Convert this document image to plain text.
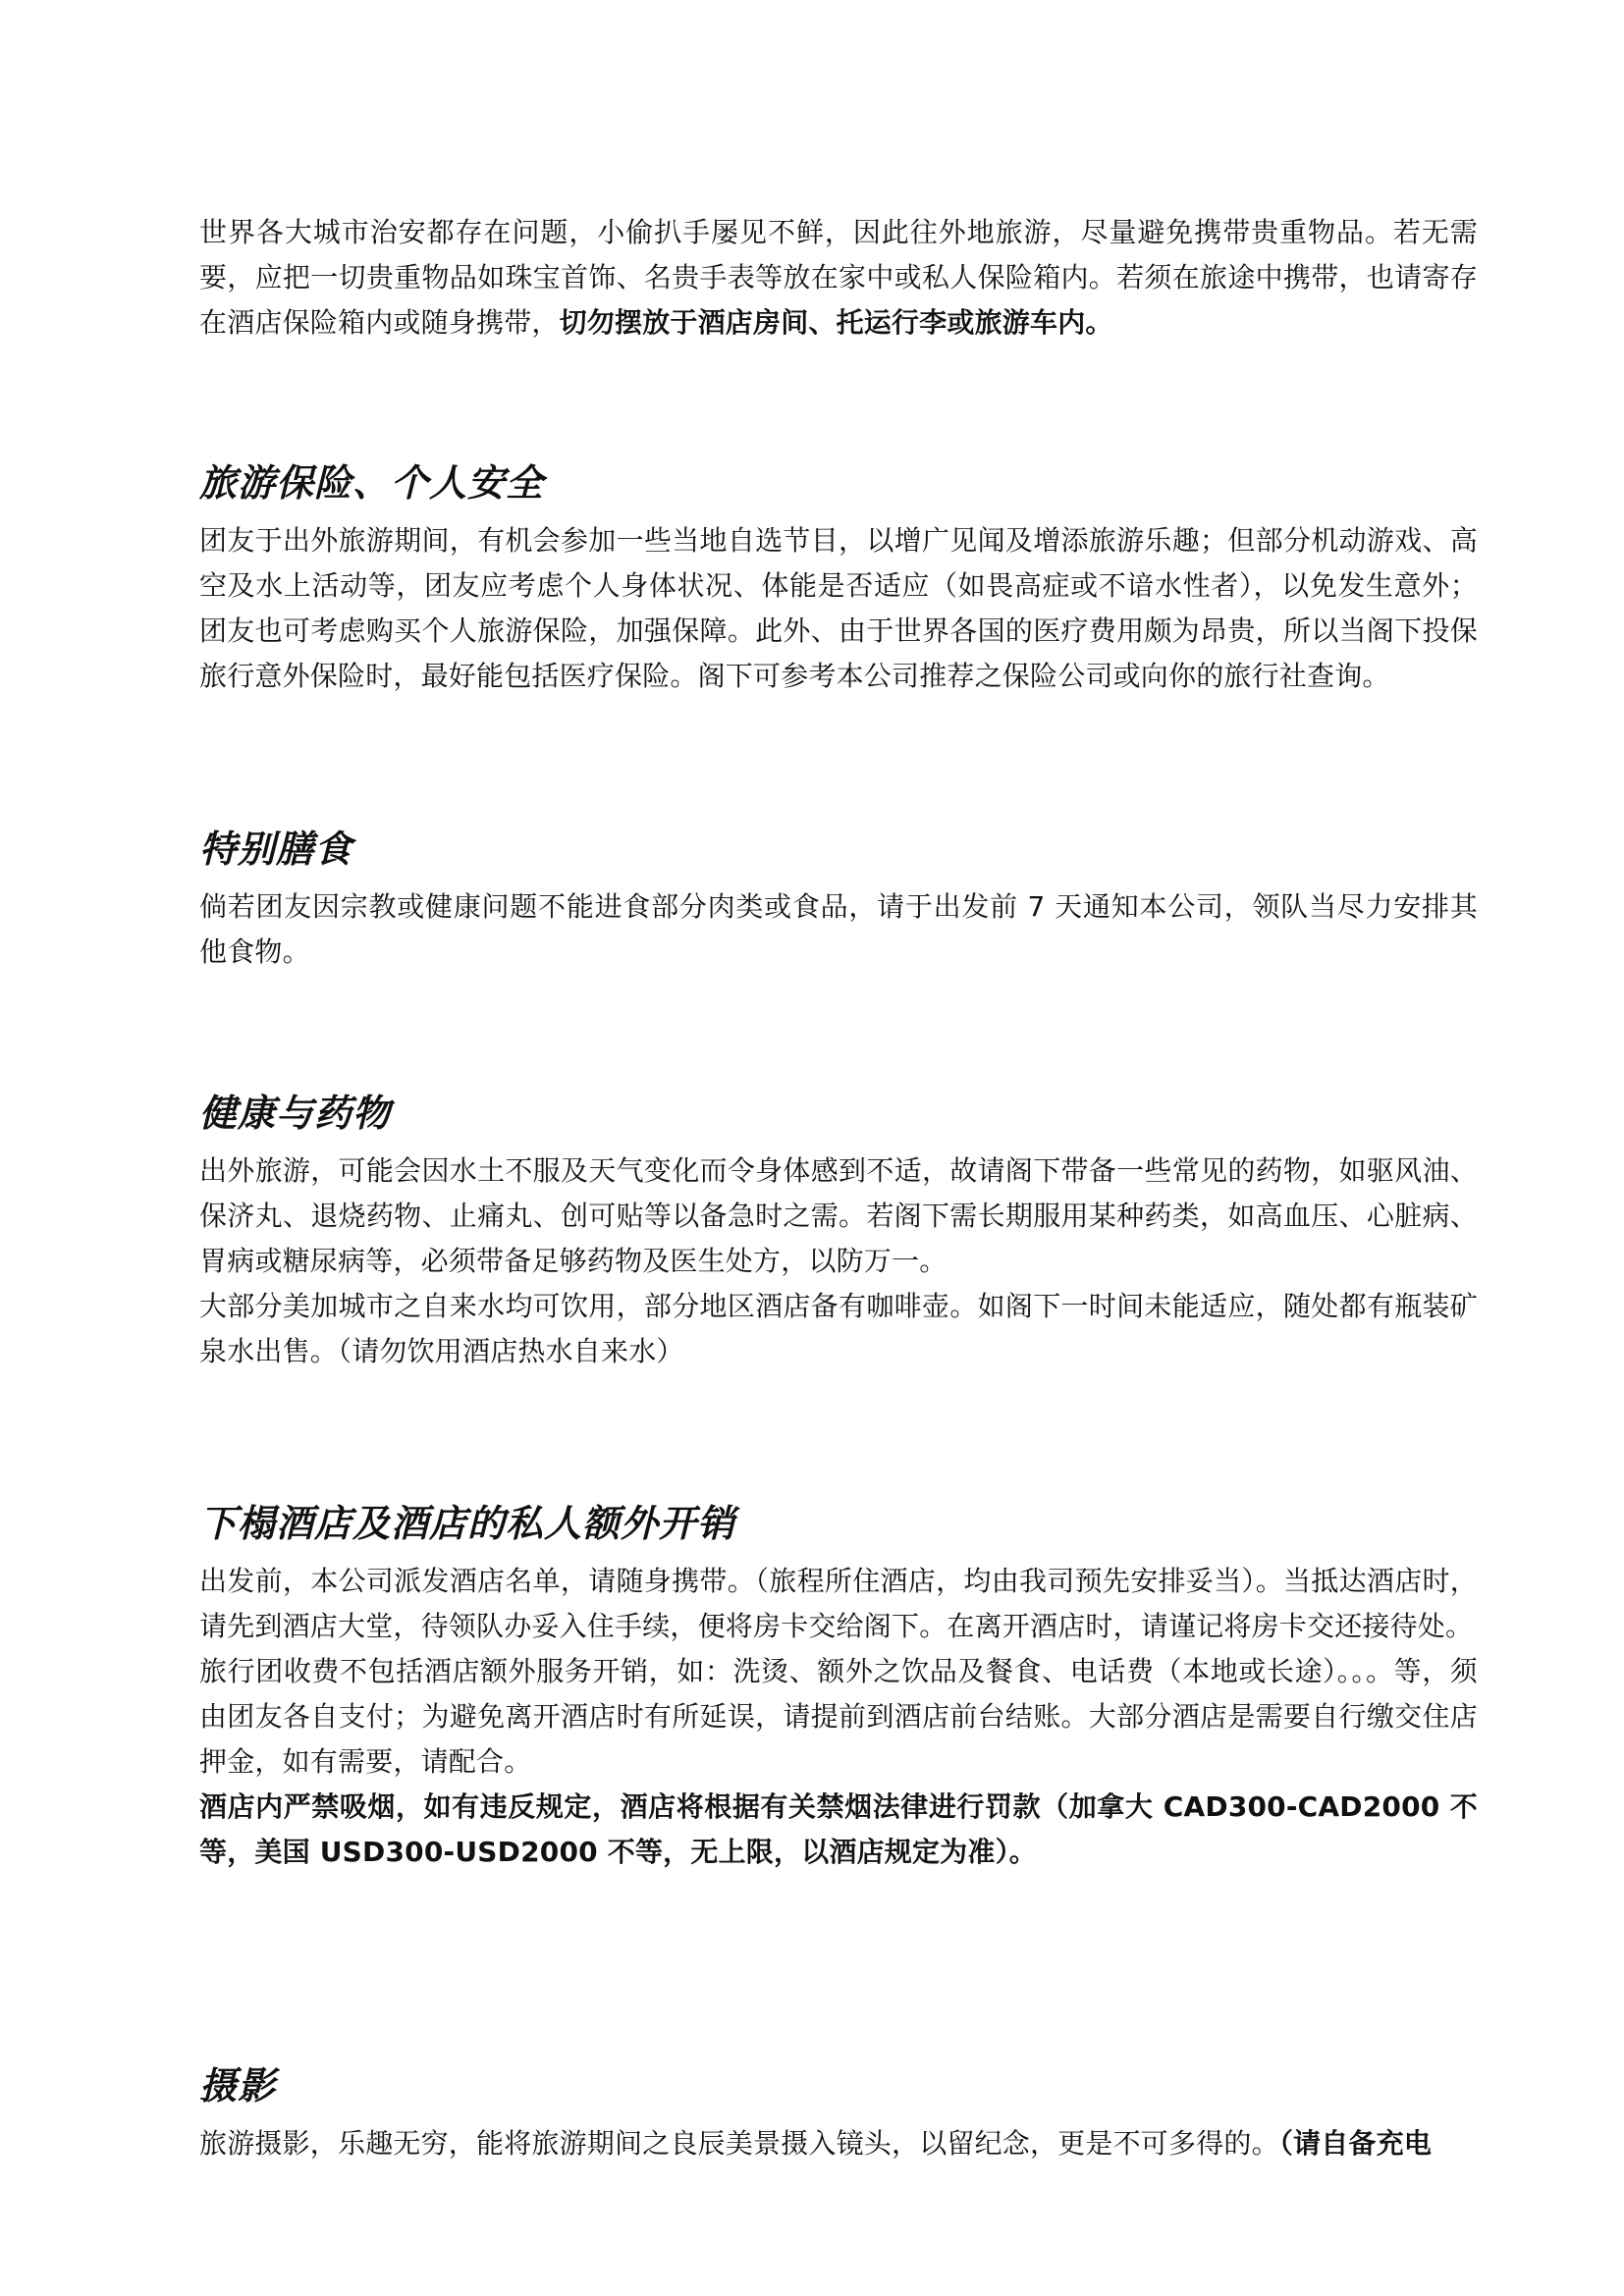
世界各大城市治安都存在问题，小偷扒手屡见不鲜，因此往外地旅游，尽量避免携带贵重物品。若无需要，应把一切贵重物品如珠宝首饰、名贵手表等放在家中或私人保险箱内。若须在旅途中携带，也请寄存在酒店保险箱内或随身携带，切勿摆放于酒店房间、托运行李或旅游车内。

旅游保险、个人安全

团友于出外旅游期间，有机会参加一些当地自选节目，以增广见闻及增添旅游乐趣；但部分机动游戏、高空及水上活动等，团友应考虑个人身体状况、体能是否适应（如畏高症或不谙水性者），以免发生意外；团友也可考虑购买个人旅游保险，加强保障。此外、由于世界各国的医疗费用颇为昂贵，所以当阁下投保旅行意外保险时，最好能包括医疗保险。阁下可参考本公司推荐之保险公司或向你的旅行社查询。

特别膳食

倘若团友因宗教或健康问题不能进食部分肉类或食品，请于出发前 7 天通知本公司，领队当尽力安排其他食物。

健康与药物

出外旅游，可能会因水土不服及天气变化而令身体感到不适，故请阁下带备一些常见的药物，如驱风油、保济丸、退烧药物、止痛丸、创可贴等以备急时之需。若阁下需长期服用某种药类，如高血压、心脏病、胃病或糖尿病等，必须带备足够药物及医生处方，以防万一。

大部分美加城市之自来水均可饮用，部分地区酒店备有咖啡壶。如阁下一时间未能适应，随处都有瓶装矿泉水出售。（请勿饮用酒店热水自来水）

下榻酒店及酒店的私人额外开销

出发前，本公司派发酒店名单，请随身携带。（旅程所住酒店，均由我司预先安排妥当）。当抵达酒店时，请先到酒店大堂，待领队办妥入住手续，便将房卡交给阁下。在离开酒店时，请谨记将房卡交还接待处。

旅行团收费不包括酒店额外服务开销，如：洗烫、额外之饮品及餐食、电话费（本地或长途）。。。等，须由团友各自支付；为避免离开酒店时有所延误，请提前到酒店前台结账。大部分酒店是需要自行缴交住店押金，如有需要，请配合。

酒店内严禁吸烟，如有违反规定，酒店将根据有关禁烟法律进行罚款（加拿大 CAD300-CAD2000 不等，美国 USD300-USD2000 不等，无上限，以酒店规定为准）。

摄影

旅游摄影，乐趣无穷，能将旅游期间之良辰美景摄入镜头，以留纪念，更是不可多得的。（请自备充电
